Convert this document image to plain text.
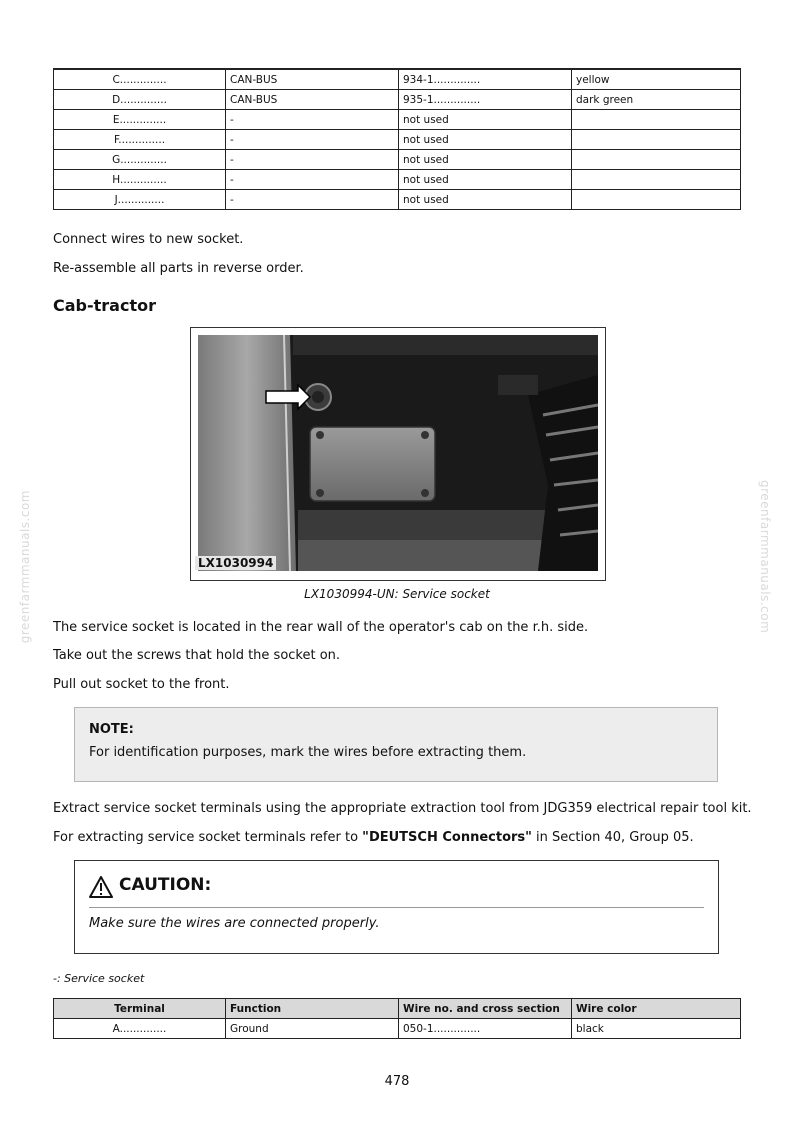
greenfarmmanuals.com	greenfarmmanuals.com
C..............	CAN-BUS	934-1..............	yellow
D..............	CAN-BUS	935-1..............	dark green
E..............	-	not used	
F..............	-	not used	
G..............	-	not used	
H..............	-	not used	
J..............	-	not used	

Connect wires to new socket.

Re-assemble all parts in reverse order.

Cab-tractor
LX1030994

LX1030994-UN: Service socket

The service socket is located in the rear wall of the operator's cab on the r.h. side.

Take out the screws that hold the socket on.

Pull out socket to the front.

NOTE:

For identification purposes, mark the wires before extracting them.

Extract service socket terminals using the appropriate extraction tool from JDG359 electrical repair tool kit.

For extracting service socket terminals refer to "DEUTSCH Connectors" in Section 40, Group 05.

CAUTION:

Make sure the wires are connected properly.

-: Service socket

Terminal	Function	Wire no. and cross section	Wire color
A..............	Ground	050-1..............	black

478
